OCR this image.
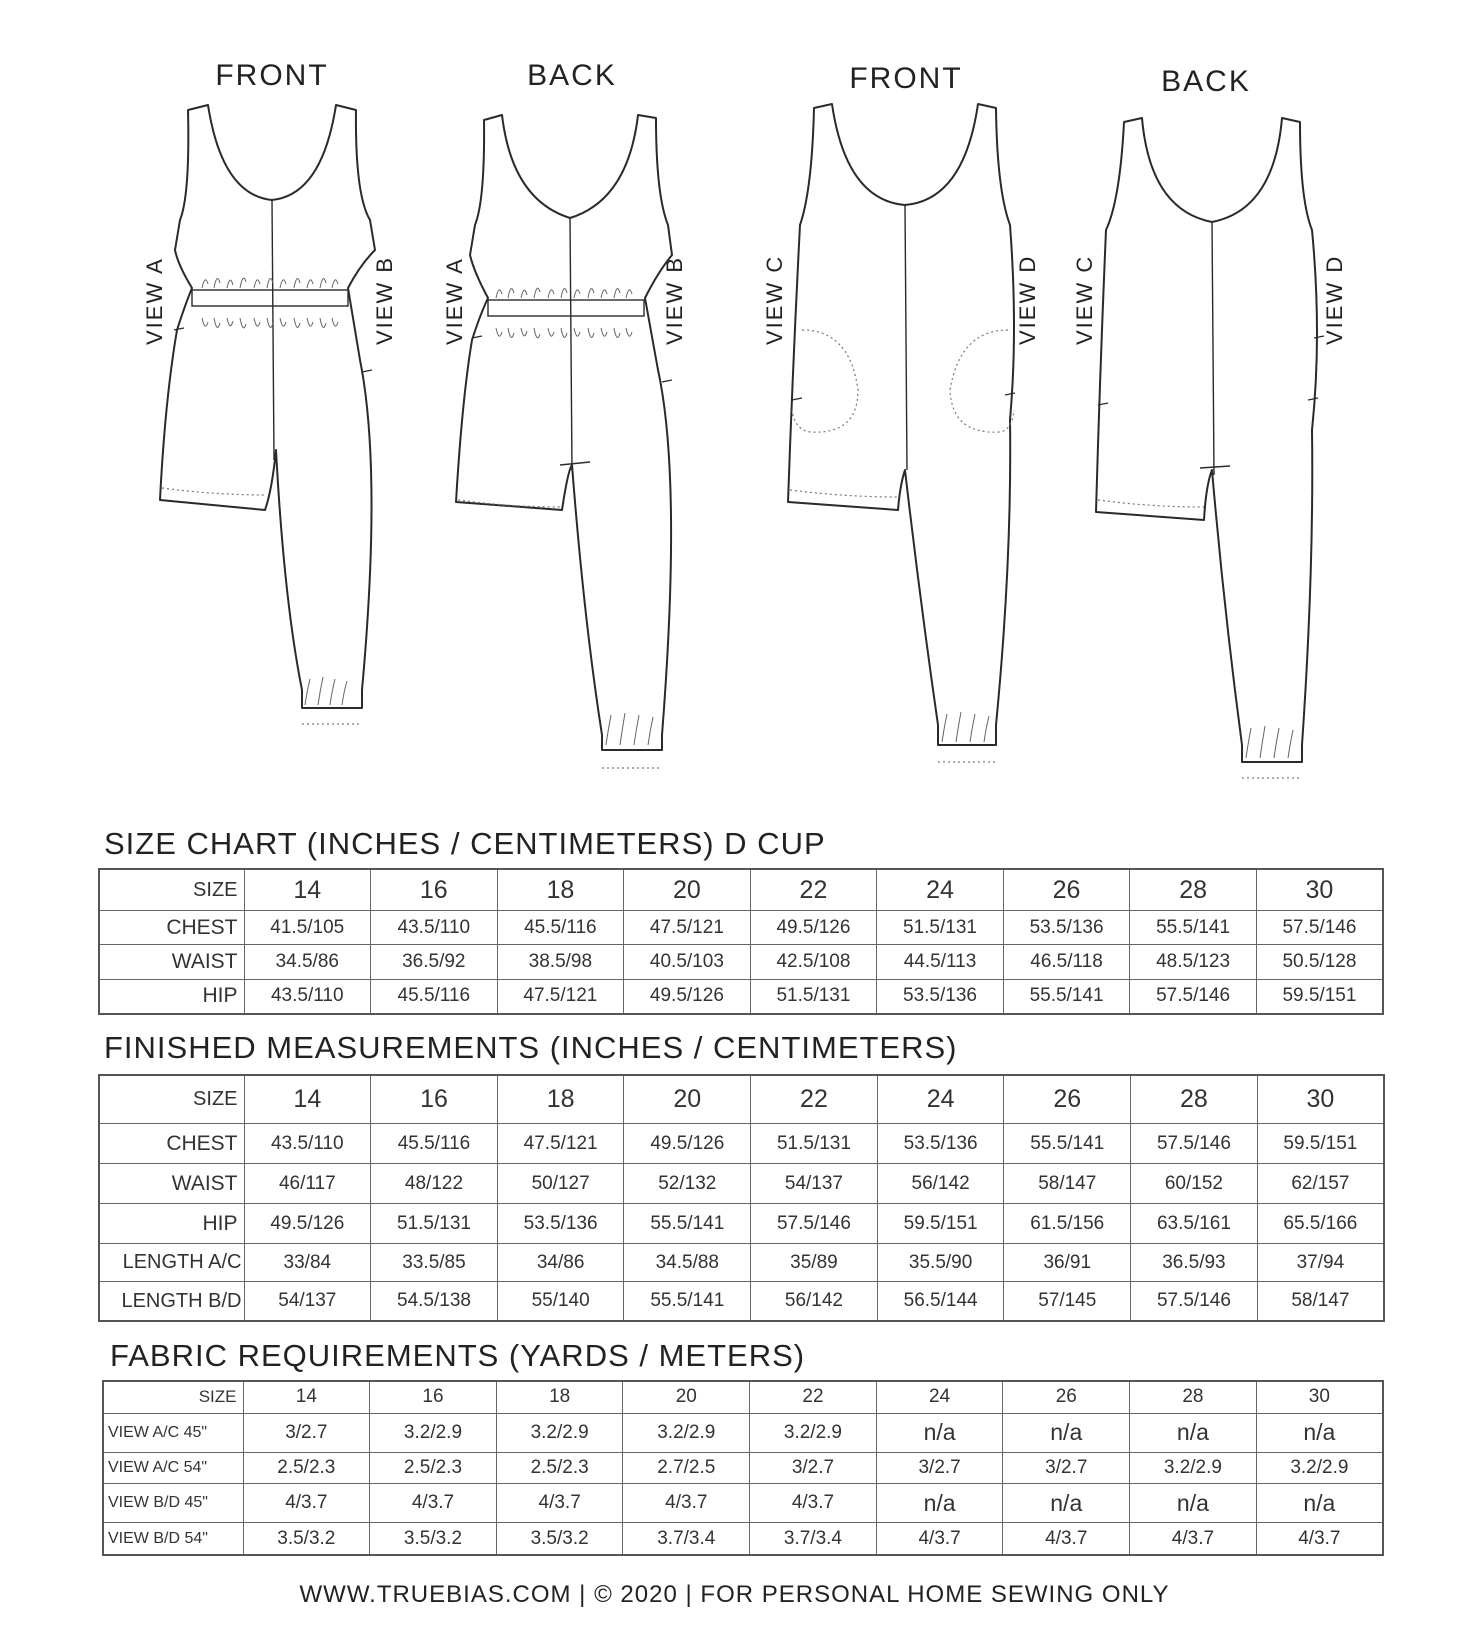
FRONT	BACK	FRONT	BACK
VIEW A	VIEW B VIEW A	VIEW B	VIEW C	VIEW D VIEW C	VIEW D
SIZE CHART (INCHES / CENTIMETERS) D CUP
SIZE	14	16	18	20	22	24	26	28	30
CHEST	41.5/105	43.5/110	45.5/116	47.5/121	49.5/126	51.5/131	53.5/136	55.5/141	57.5/146
WAIST	34.5/86	36.5/92	38.5/98	40.5/103	42.5/108	44.5/113	46.5/118	48.5/123	50.5/128
HIP	43.5/110	45.5/116	47.5/121	49.5/126	51.5/131	53.5/136	55.5/141	57.5/146	59.5/151
FINISHED MEASUREMENTS (INCHES / CENTIMETERS)
SIZE	14	16	18	20	22	24	26	28	30
CHEST	43.5/110	45.5/116	47.5/121	49.5/126	51.5/131	53.5/136	55.5/141	57.5/146	59.5/151
WAIST	46/117	48/122	50/127	52/132	54/137	56/142	58/147	60/152	62/157
HIP	49.5/126	51.5/131	53.5/136	55.5/141	57.5/146	59.5/151	61.5/156	63.5/161	65.5/166
LENGTH A/C	33/84	33.5/85	34/86	34.5/88	35/89	35.5/90	36/91	36.5/93	37/94
LENGTH B/D	54/137	54.5/138	55/140	55.5/141	56/142	56.5/144	57/145	57.5/146	58/147
FABRIC REQUIREMENTS (YARDS / METERS)
SIZE	14	16	18	20	22	24	26	28	30
VIEW A/C 45"	3/2.7	3.2/2.9	3.2/2.9	3.2/2.9	3.2/2.9	n/a	n/a	n/a	n/a
VIEW A/C 54"	2.5/2.3	2.5/2.3	2.5/2.3	2.7/2.5	3/2.7	3/2.7	3/2.7	3.2/2.9	3.2/2.9
VIEW B/D 45"	4/3.7	4/3.7	4/3.7	4/3.7	4/3.7	n/a	n/a	n/a	n/a
VIEW B/D 54"	3.5/3.2	3.5/3.2	3.5/3.2	3.7/3.4	3.7/3.4	4/3.7	4/3.7	4/3.7	4/3.7
WWW.TRUEBIAS.COM | © 2020 | FOR PERSONAL HOME SEWING ONLY
